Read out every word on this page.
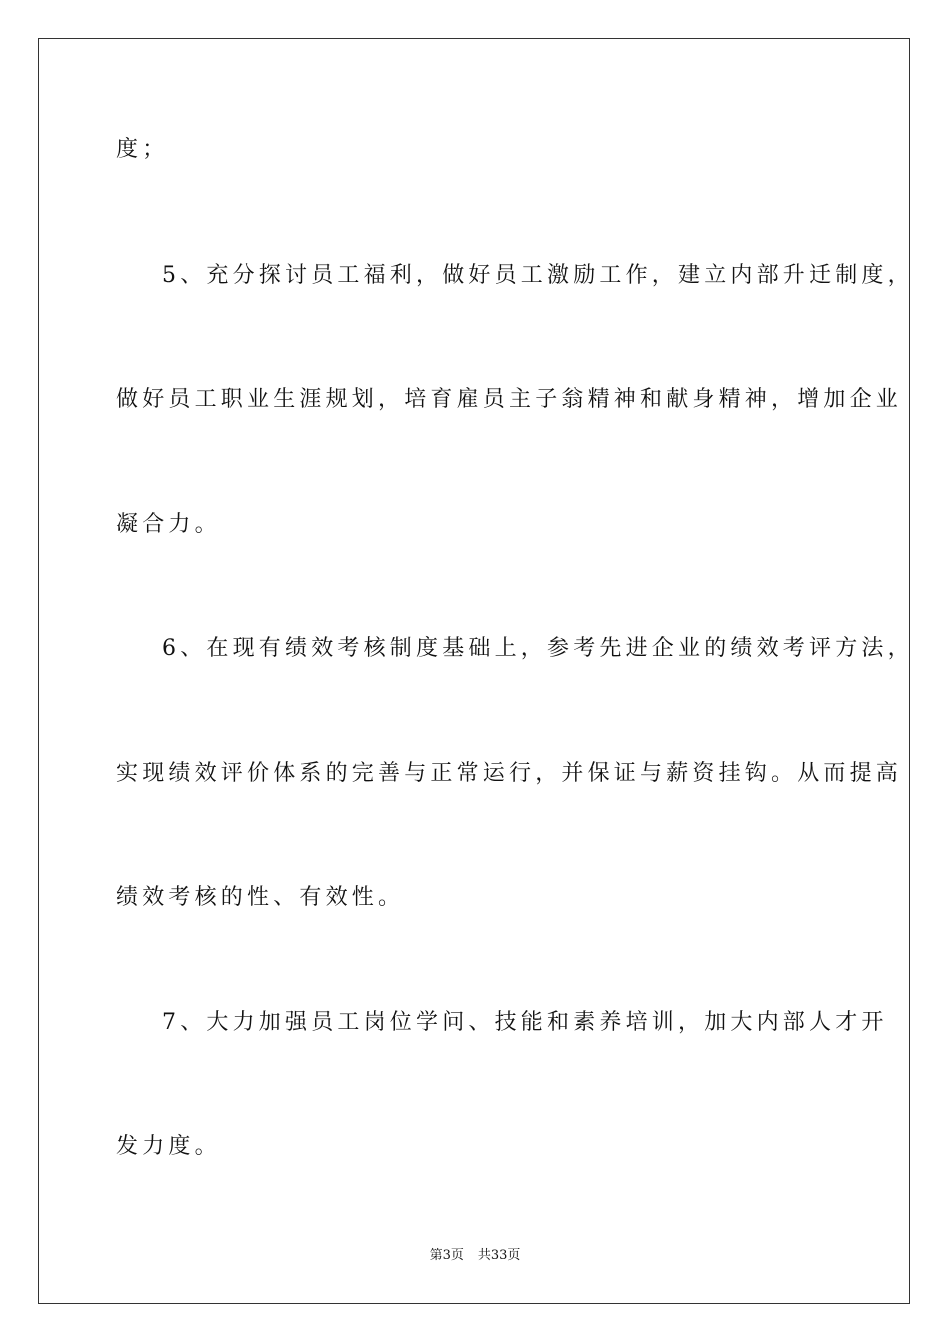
度；
5、充分探讨员工福利，做好员工激励工作，建立内部升迁制度，
做好员工职业生涯规划，培育雇员主子翁精神和献身精神，增加企业
凝合力。
6、在现有绩效考核制度基础上，参考先进企业的绩效考评方法，
实现绩效评价体系的完善与正常运行，并保证与薪资挂钩。从而提高
绩效考核的性、有效性。
7、大力加强员工岗位学问、技能和素养培训，加大内部人才开
发力度。
第3页 共33页
